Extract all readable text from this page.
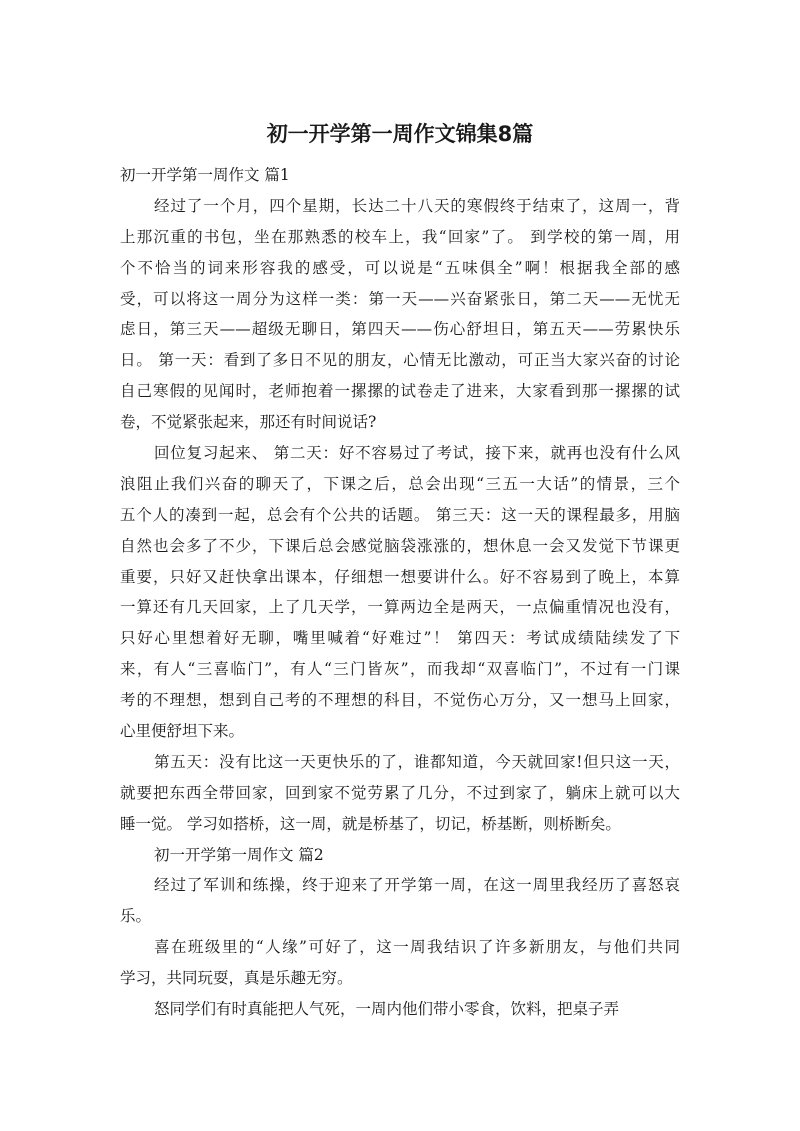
初一开学第一周作文锦集8篇

初一开学第一周作文 篇1

经过了一个月，四个星期，长达二十八天的寒假终于结束了，这周一，背

上那沉重的书包，坐在那熟悉的校车上，我“回家”了。 到学校的第一周，用

个不恰当的词来形容我的感受，可以说是“五味俱全”啊！根据我全部的感

受，可以将这一周分为这样一类：第一天——兴奋紧张日，第二天——无忧无

虑日，第三天——超级无聊日，第四天——伤心舒坦日，第五天——劳累快乐

日。 第一天：看到了多日不见的朋友，心情无比激动，可正当大家兴奋的讨论

自己寒假的见闻时，老师抱着一摞摞的试卷走了进来，大家看到那一摞摞的试

卷，不觉紧张起来，那还有时间说话?

回位复习起来、 第二天：好不容易过了考试，接下来，就再也没有什么风

浪阻止我们兴奋的聊天了，下课之后，总会出现“三五一大话”的情景，三个

五个人的凑到一起，总会有个公共的话题。 第三天：这一天的课程最多，用脑

自然也会多了不少，下课后总会感觉脑袋涨涨的，想休息一会又发觉下节课更

重要，只好又赶快拿出课本，仔细想一想要讲什么。好不容易到了晚上，本算

一算还有几天回家，上了几天学，一算两边全是两天，一点偏重情况也没有，

只好心里想着好无聊，嘴里喊着“好难过”！ 第四天：考试成绩陆续发了下

来，有人“三喜临门”，有人“三门皆灰”，而我却“双喜临门”，不过有一门课

考的不理想，想到自己考的不理想的科目，不觉伤心万分，又一想马上回家，

心里便舒坦下来。

第五天：没有比这一天更快乐的了，谁都知道，今天就回家!但只这一天，

就要把东西全带回家，回到家不觉劳累了几分，不过到家了，躺床上就可以大

睡一觉。 学习如搭桥，这一周，就是桥基了，切记，桥基断，则桥断矣。

初一开学第一周作文 篇2

经过了军训和练操，终于迎来了开学第一周，在这一周里我经历了喜怒哀

乐。

喜在班级里的“人缘”可好了，这一周我结识了许多新朋友，与他们共同

学习，共同玩耍，真是乐趣无穷。

怒同学们有时真能把人气死，一周内他们带小零食，饮料，把桌子弄
